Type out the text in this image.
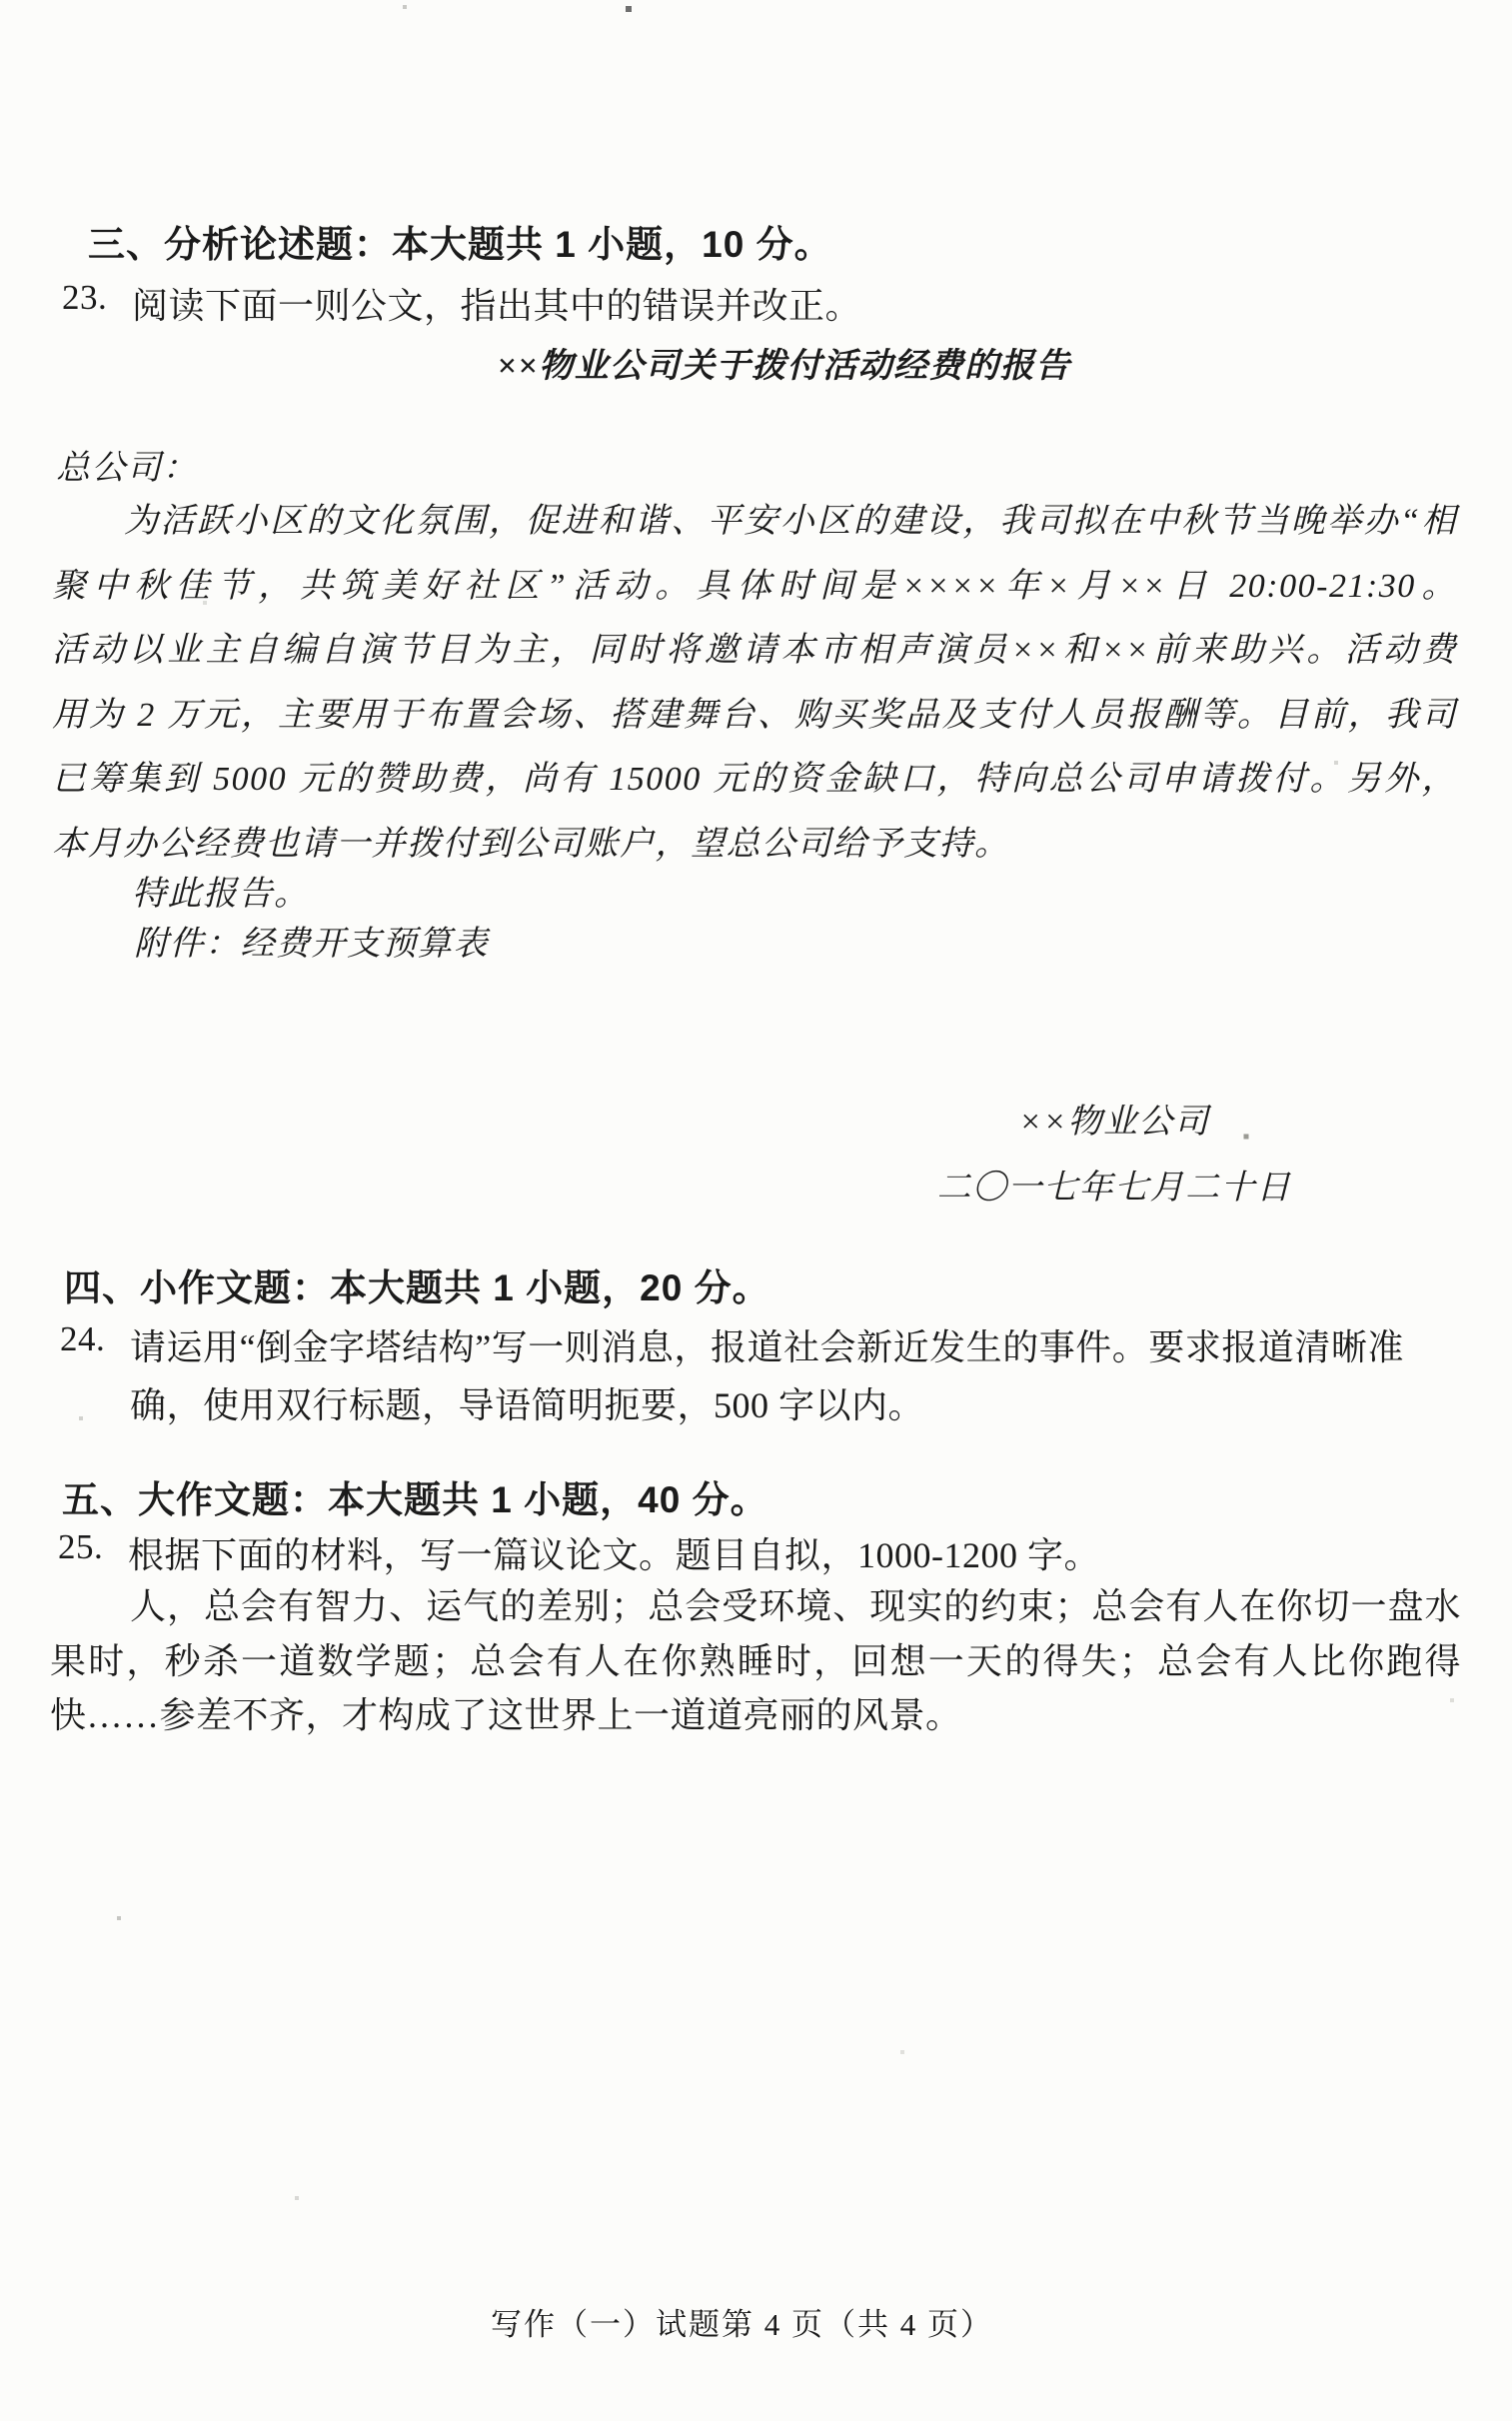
三、分析论述题：本大题共 1 小题，10 分。
23. 阅读下面一则公文，指出其中的错误并改正。
××物业公司关于拨付活动经费的报告
总公司：
为活跃小区的文化氛围，促进和谐、平安小区的建设，我司拟在中秋节当晚举办“相
聚中秋佳节，共筑美好社区”活动。具体时间是××××年×月××日 20:00-21:30。
活动以业主自编自演节目为主，同时将邀请本市相声演员××和××前来助兴。活动费
用为 2 万元，主要用于布置会场、搭建舞台、购买奖品及支付人员报酬等。目前，我司
已筹集到 5000 元的赞助费，尚有 15000 元的资金缺口，特向总公司申请拨付。另外，
本月办公经费也请一并拨付到公司账户，望总公司给予支持。
特此报告。
附件：经费开支预算表
××物业公司
二〇一七年七月二十日
四、小作文题：本大题共 1 小题，20 分。
24. 请运用“倒金字塔结构”写一则消息，报道社会新近发生的事件。要求报道清晰准
确，使用双行标题，导语简明扼要，500 字以内。
五、大作文题：本大题共 1 小题，40 分。
25. 根据下面的材料，写一篇议论文。题目自拟，1000-1200 字。
人，总会有智力、运气的差别；总会受环境、现实的约束；总会有人在你切一盘水
果时，秒杀一道数学题；总会有人在你熟睡时，回想一天的得失；总会有人比你跑得
快……参差不齐，才构成了这世界上一道道亮丽的风景。
写作（一）试题第 4 页（共 4 页）
